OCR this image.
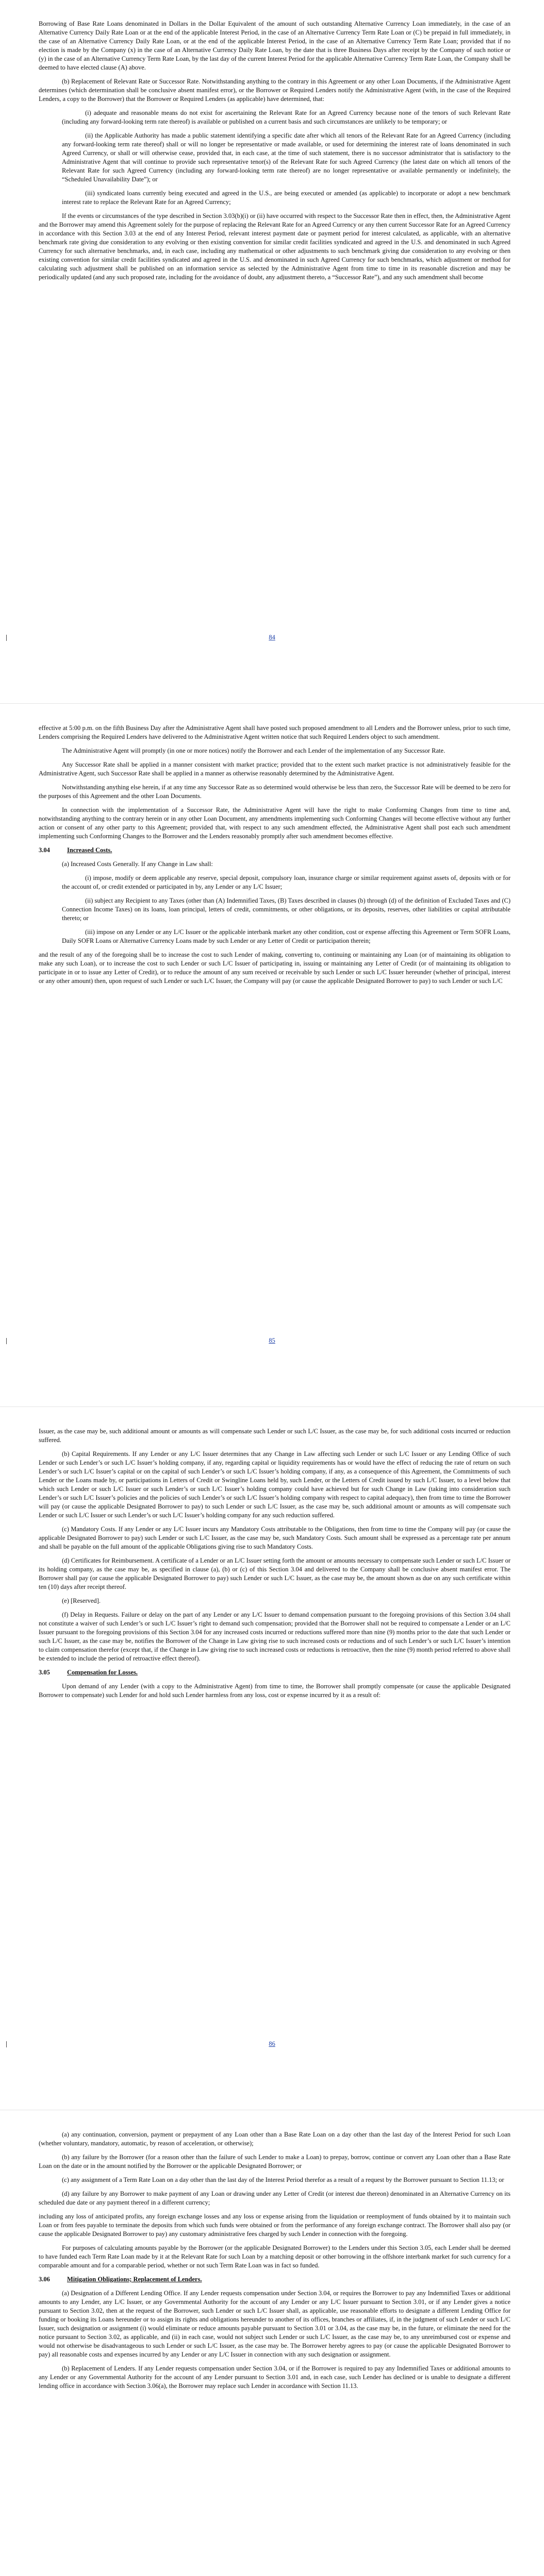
Borrowing of Base Rate Loans denominated in Dollars in the Dollar Equivalent of the amount of such outstanding Alternative Currency Loan immediately, in the case of an Alternative Currency Daily Rate Loan or at the end of the applicable Interest Period, in the case of an Alternative Currency Term Rate Loan or (C) be prepaid in full immediately, in the case of an Alternative Currency Daily Rate Loan, or at the end of the applicable Interest Period, in the case of an Alternative Currency Term Rate Loan; provided that if no election is made by the Company (x) in the case of an Alternative Currency Daily Rate Loan, by the date that is three Business Days after receipt by the Company of such notice or (y) in the case of an Alternative Currency Term Rate Loan, by the last day of the current Interest Period for the applicable Alternative Currency Term Rate Loan, the Company shall be deemed to have elected clause (A) above.

(b) Replacement of Relevant Rate or Successor Rate. Notwithstanding anything to the contrary in this Agreement or any other Loan Documents, if the Administrative Agent determines (which determination shall be conclusive absent manifest error), or the Borrower or Required Lenders notify the Administrative Agent (with, in the case of the Required Lenders, a copy to the Borrower) that the Borrower or Required Lenders (as applicable) have determined, that:

(i) adequate and reasonable means do not exist for ascertaining the Relevant Rate for an Agreed Currency because none of the tenors of such Relevant Rate (including any forward-looking term rate thereof) is available or published on a current basis and such circumstances are unlikely to be temporary; or

(ii) the Applicable Authority has made a public statement identifying a specific date after which all tenors of the Relevant Rate for an Agreed Currency (including any forward-looking term rate thereof) shall or will no longer be representative or made available, or used for determining the interest rate of loans denominated in such Agreed Currency, or shall or will otherwise cease, provided that, in each case, at the time of such statement, there is no successor administrator that is satisfactory to the Administrative Agent that will continue to provide such representative tenor(s) of the Relevant Rate for such Agreed Currency (the latest date on which all tenors of the Relevant Rate for such Agreed Currency (including any forward-looking term rate thereof) are no longer representative or available permanently or indefinitely, the “Scheduled Unavailability Date”); or

(iii) syndicated loans currently being executed and agreed in the U.S., are being executed or amended (as applicable) to incorporate or adopt a new benchmark interest rate to replace the Relevant Rate for an Agreed Currency;

If the events or circumstances of the type described in Section 3.03(b)(i) or (ii) have occurred with respect to the Successor Rate then in effect, then, the Administrative Agent and the Borrower may amend this Agreement solely for the purpose of replacing the Relevant Rate for an Agreed Currency or any then current Successor Rate for an Agreed Currency in accordance with this Section 3.03 at the end of any Interest Period, relevant interest payment date or payment period for interest calculated, as applicable, with an alternative benchmark rate giving due consideration to any evolving or then existing convention for similar credit facilities syndicated and agreed in the U.S. and denominated in such Agreed Currency for such alternative benchmarks, and, in each case, including any mathematical or other adjustments to such benchmark giving due consideration to any evolving or then existing convention for similar credit facilities syndicated and agreed in the U.S. and denominated in such Agreed Currency for such benchmarks, which adjustment or method for calculating such adjustment shall be published on an information service as selected by the Administrative Agent from time to time in its reasonable discretion and may be periodically updated (and any such proposed rate, including for the avoidance of doubt, any adjustment thereto, a “Successor Rate”), and any such amendment shall become

84

effective at 5:00 p.m. on the fifth Business Day after the Administrative Agent shall have posted such proposed amendment to all Lenders and the Borrower unless, prior to such time, Lenders comprising the Required Lenders have delivered to the Administrative Agent written notice that such Required Lenders object to such amendment.

The Administrative Agent will promptly (in one or more notices) notify the Borrower and each Lender of the implementation of any Successor Rate.

Any Successor Rate shall be applied in a manner consistent with market practice; provided that to the extent such market practice is not administratively feasible for the Administrative Agent, such Successor Rate shall be applied in a manner as otherwise reasonably determined by the Administrative Agent.

Notwithstanding anything else herein, if at any time any Successor Rate as so determined would otherwise be less than zero, the Successor Rate will be deemed to be zero for the purposes of this Agreement and the other Loan Documents.

In connection with the implementation of a Successor Rate, the Administrative Agent will have the right to make Conforming Changes from time to time and, notwithstanding anything to the contrary herein or in any other Loan Document, any amendments implementing such Conforming Changes will become effective without any further action or consent of any other party to this Agreement; provided that, with respect to any such amendment effected, the Administrative Agent shall post each such amendment implementing such Conforming Changes to the Borrower and the Lenders reasonably promptly after such amendment becomes effective.

3.04	Increased Costs.

(a) Increased Costs Generally. If any Change in Law shall:

(i) impose, modify or deem applicable any reserve, special deposit, compulsory loan, insurance charge or similar requirement against assets of, deposits with or for the account of, or credit extended or participated in by, any Lender or any L/C Issuer;

(ii) subject any Recipient to any Taxes (other than (A) Indemnified Taxes, (B) Taxes described in clauses (b) through (d) of the definition of Excluded Taxes and (C) Connection Income Taxes) on its loans, loan principal, letters of credit, commitments, or other obligations, or its deposits, reserves, other liabilities or capital attributable thereto; or

(iii) impose on any Lender or any L/C Issuer or the applicable interbank market any other condition, cost or expense affecting this Agreement or Term SOFR Loans, Daily SOFR Loans or Alternative Currency Loans made by such Lender or any Letter of Credit or participation therein;

and the result of any of the foregoing shall be to increase the cost to such Lender of making, converting to, continuing or maintaining any Loan (or of maintaining its obligation to make any such Loan), or to increase the cost to such Lender or such L/C Issuer of participating in, issuing or maintaining any Letter of Credit (or of maintaining its obligation to participate in or to issue any Letter of Credit), or to reduce the amount of any sum received or receivable by such Lender or such L/C Issuer hereunder (whether of principal, interest or any other amount) then, upon request of such Lender or such L/C Issuer, the Company will pay (or cause the applicable Designated Borrower to pay) to such Lender or such L/C

85

Issuer, as the case may be, such additional amount or amounts as will compensate such Lender or such L/C Issuer, as the case may be, for such additional costs incurred or reduction suffered.

(b) Capital Requirements. If any Lender or any L/C Issuer determines that any Change in Law affecting such Lender or such L/C Issuer or any Lending Office of such Lender or such Lender’s or such L/C Issuer’s holding company, if any, regarding capital or liquidity requirements has or would have the effect of reducing the rate of return on such Lender’s or such L/C Issuer’s capital or on the capital of such Lender’s or such L/C Issuer’s holding company, if any, as a consequence of this Agreement, the Commitments of such Lender or the Loans made by, or participations in Letters of Credit or Swingline Loans held by, such Lender, or the Letters of Credit issued by such L/C Issuer, to a level below that which such Lender or such L/C Issuer or such Lender’s or such L/C Issuer’s holding company could have achieved but for such Change in Law (taking into consideration such Lender’s or such L/C Issuer’s policies and the policies of such Lender’s or such L/C Issuer’s holding company with respect to capital adequacy), then from time to time the Borrower will pay (or cause the applicable Designated Borrower to pay) to such Lender or such L/C Issuer, as the case may be, such additional amount or amounts as will compensate such Lender or such L/C Issuer or such Lender’s or such L/C Issuer’s holding company for any such reduction suffered.

(c) Mandatory Costs. If any Lender or any L/C Issuer incurs any Mandatory Costs attributable to the Obligations, then from time to time the Company will pay (or cause the applicable Designated Borrower to pay) such Lender or such L/C Issuer, as the case may be, such Mandatory Costs. Such amount shall be expressed as a percentage rate per annum and shall be payable on the full amount of the applicable Obligations giving rise to such Mandatory Costs.

(d) Certificates for Reimbursement. A certificate of a Lender or an L/C Issuer setting forth the amount or amounts necessary to compensate such Lender or such L/C Issuer or its holding company, as the case may be, as specified in clause (a), (b) or (c) of this Section 3.04 and delivered to the Company shall be conclusive absent manifest error. The Borrower shall pay (or cause the applicable Designated Borrower to pay) such Lender or such L/C Issuer, as the case may be, the amount shown as due on any such certificate within ten (10) days after receipt thereof.

(e) [Reserved].

(f) Delay in Requests. Failure or delay on the part of any Lender or any L/C Issuer to demand compensation pursuant to the foregoing provisions of this Section 3.04 shall not constitute a waiver of such Lender’s or such L/C Issuer’s right to demand such compensation; provided that the Borrower shall not be required to compensate a Lender or an L/C Issuer pursuant to the foregoing provisions of this Section 3.04 for any increased costs incurred or reductions suffered more than nine (9) months prior to the date that such Lender or such L/C Issuer, as the case may be, notifies the Borrower of the Change in Law giving rise to such increased costs or reductions and of such Lender’s or such L/C Issuer’s intention to claim compensation therefor (except that, if the Change in Law giving rise to such increased costs or reductions is retroactive, then the nine (9) month period referred to above shall be extended to include the period of retroactive effect thereof).

3.05	Compensation for Losses.

Upon demand of any Lender (with a copy to the Administrative Agent) from time to time, the Borrower shall promptly compensate (or cause the applicable Designated Borrower to compensate) such Lender for and hold such Lender harmless from any loss, cost or expense incurred by it as a result of:

86

(a) any continuation, conversion, payment or prepayment of any Loan other than a Base Rate Loan on a day other than the last day of the Interest Period for such Loan (whether voluntary, mandatory, automatic, by reason of acceleration, or otherwise);

(b) any failure by the Borrower (for a reason other than the failure of such Lender to make a Loan) to prepay, borrow, continue or convert any Loan other than a Base Rate Loan on the date or in the amount notified by the Borrower or the applicable Designated Borrower; or

(c) any assignment of a Term Rate Loan on a day other than the last day of the Interest Period therefor as a result of a request by the Borrower pursuant to Section 11.13; or

(d) any failure by any Borrower to make payment of any Loan or drawing under any Letter of Credit (or interest due thereon) denominated in an Alternative Currency on its scheduled due date or any payment thereof in a different currency;

including any loss of anticipated profits, any foreign exchange losses and any loss or expense arising from the liquidation or reemployment of funds obtained by it to maintain such Loan or from fees payable to terminate the deposits from which such funds were obtained or from the performance of any foreign exchange contract. The Borrower shall also pay (or cause the applicable Designated Borrower to pay) any customary administrative fees charged by such Lender in connection with the foregoing.

For purposes of calculating amounts payable by the Borrower (or the applicable Designated Borrower) to the Lenders under this Section 3.05, each Lender shall be deemed to have funded each Term Rate Loan made by it at the Relevant Rate for such Loan by a matching deposit or other borrowing in the offshore interbank market for such currency for a comparable amount and for a comparable period, whether or not such Term Rate Loan was in fact so funded.

3.06	Mitigation Obligations; Replacement of Lenders.

(a) Designation of a Different Lending Office. If any Lender requests compensation under Section 3.04, or requires the Borrower to pay any Indemnified Taxes or additional amounts to any Lender, any L/C Issuer, or any Governmental Authority for the account of any Lender or any L/C Issuer pursuant to Section 3.01, or if any Lender gives a notice pursuant to Section 3.02, then at the request of the Borrower, such Lender or such L/C Issuer shall, as applicable, use reasonable efforts to designate a different Lending Office for funding or booking its Loans hereunder or to assign its rights and obligations hereunder to another of its offices, branches or affiliates, if, in the judgment of such Lender or such L/C Issuer, such designation or assignment (i) would eliminate or reduce amounts payable pursuant to Section 3.01 or 3.04, as the case may be, in the future, or eliminate the need for the notice pursuant to Section 3.02, as applicable, and (ii) in each case, would not subject such Lender or such L/C Issuer, as the case may be, to any unreimbursed cost or expense and would not otherwise be disadvantageous to such Lender or such L/C Issuer, as the case may be. The Borrower hereby agrees to pay (or cause the applicable Designated Borrower to pay) all reasonable costs and expenses incurred by any Lender or any L/C Issuer in connection with any such designation or assignment.

(b) Replacement of Lenders. If any Lender requests compensation under Section 3.04, or if the Borrower is required to pay any Indemnified Taxes or additional amounts to any Lender or any Governmental Authority for the account of any Lender pursuant to Section 3.01 and, in each case, such Lender has declined or is unable to designate a different lending office in accordance with Section 3.06(a), the Borrower may replace such Lender in accordance with Section 11.13.
